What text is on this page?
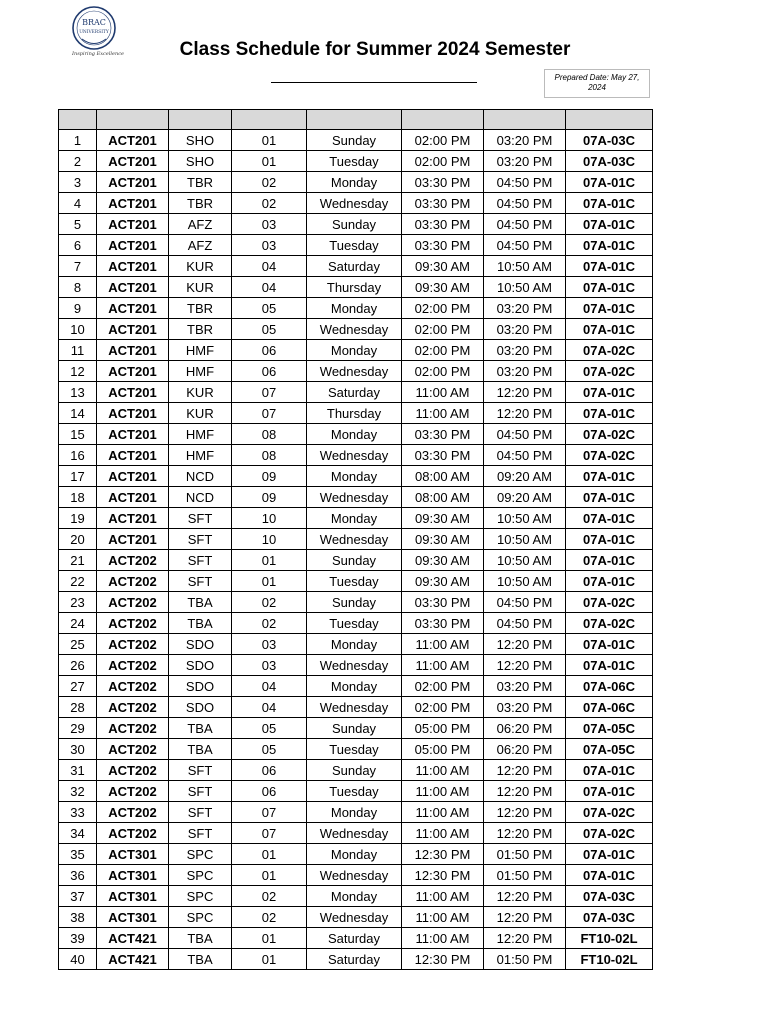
BRAC
UNIVERSITY
Inspiring Excellence	Class Schedule for Summer 2024 Semester
Prepared Date: May 27, 2024

1	ACT201	SHO	01	Sunday	02:00 PM	03:20 PM	07A-03C
2	ACT201	SHO	01	Tuesday	02:00 PM	03:20 PM	07A-03C
3	ACT201	TBR	02	Monday	03:30 PM	04:50 PM	07A-01C
4	ACT201	TBR	02	Wednesday	03:30 PM	04:50 PM	07A-01C
5	ACT201	AFZ	03	Sunday	03:30 PM	04:50 PM	07A-01C
6	ACT201	AFZ	03	Tuesday	03:30 PM	04:50 PM	07A-01C
7	ACT201	KUR	04	Saturday	09:30 AM	10:50 AM	07A-01C
8	ACT201	KUR	04	Thursday	09:30 AM	10:50 AM	07A-01C
9	ACT201	TBR	05	Monday	02:00 PM	03:20 PM	07A-01C
10	ACT201	TBR	05	Wednesday	02:00 PM	03:20 PM	07A-01C
11	ACT201	HMF	06	Monday	02:00 PM	03:20 PM	07A-02C
12	ACT201	HMF	06	Wednesday	02:00 PM	03:20 PM	07A-02C
13	ACT201	KUR	07	Saturday	11:00 AM	12:20 PM	07A-01C
14	ACT201	KUR	07	Thursday	11:00 AM	12:20 PM	07A-01C
15	ACT201	HMF	08	Monday	03:30 PM	04:50 PM	07A-02C
16	ACT201	HMF	08	Wednesday	03:30 PM	04:50 PM	07A-02C
17	ACT201	NCD	09	Monday	08:00 AM	09:20 AM	07A-01C
18	ACT201	NCD	09	Wednesday	08:00 AM	09:20 AM	07A-01C
19	ACT201	SFT	10	Monday	09:30 AM	10:50 AM	07A-01C
20	ACT201	SFT	10	Wednesday	09:30 AM	10:50 AM	07A-01C
21	ACT202	SFT	01	Sunday	09:30 AM	10:50 AM	07A-01C
22	ACT202	SFT	01	Tuesday	09:30 AM	10:50 AM	07A-01C
23	ACT202	TBA	02	Sunday	03:30 PM	04:50 PM	07A-02C
24	ACT202	TBA	02	Tuesday	03:30 PM	04:50 PM	07A-02C
25	ACT202	SDO	03	Monday	11:00 AM	12:20 PM	07A-01C
26	ACT202	SDO	03	Wednesday	11:00 AM	12:20 PM	07A-01C
27	ACT202	SDO	04	Monday	02:00 PM	03:20 PM	07A-06C
28	ACT202	SDO	04	Wednesday	02:00 PM	03:20 PM	07A-06C
29	ACT202	TBA	05	Sunday	05:00 PM	06:20 PM	07A-05C
30	ACT202	TBA	05	Tuesday	05:00 PM	06:20 PM	07A-05C
31	ACT202	SFT	06	Sunday	11:00 AM	12:20 PM	07A-01C
32	ACT202	SFT	06	Tuesday	11:00 AM	12:20 PM	07A-01C
33	ACT202	SFT	07	Monday	11:00 AM	12:20 PM	07A-02C
34	ACT202	SFT	07	Wednesday	11:00 AM	12:20 PM	07A-02C
35	ACT301	SPC	01	Monday	12:30 PM	01:50 PM	07A-01C
36	ACT301	SPC	01	Wednesday	12:30 PM	01:50 PM	07A-01C
37	ACT301	SPC	02	Monday	11:00 AM	12:20 PM	07A-03C
38	ACT301	SPC	02	Wednesday	11:00 AM	12:20 PM	07A-03C
39	ACT421	TBA	01	Saturday	11:00 AM	12:20 PM	FT10-02L
40	ACT421	TBA	01	Saturday	12:30 PM	01:50 PM	FT10-02L
